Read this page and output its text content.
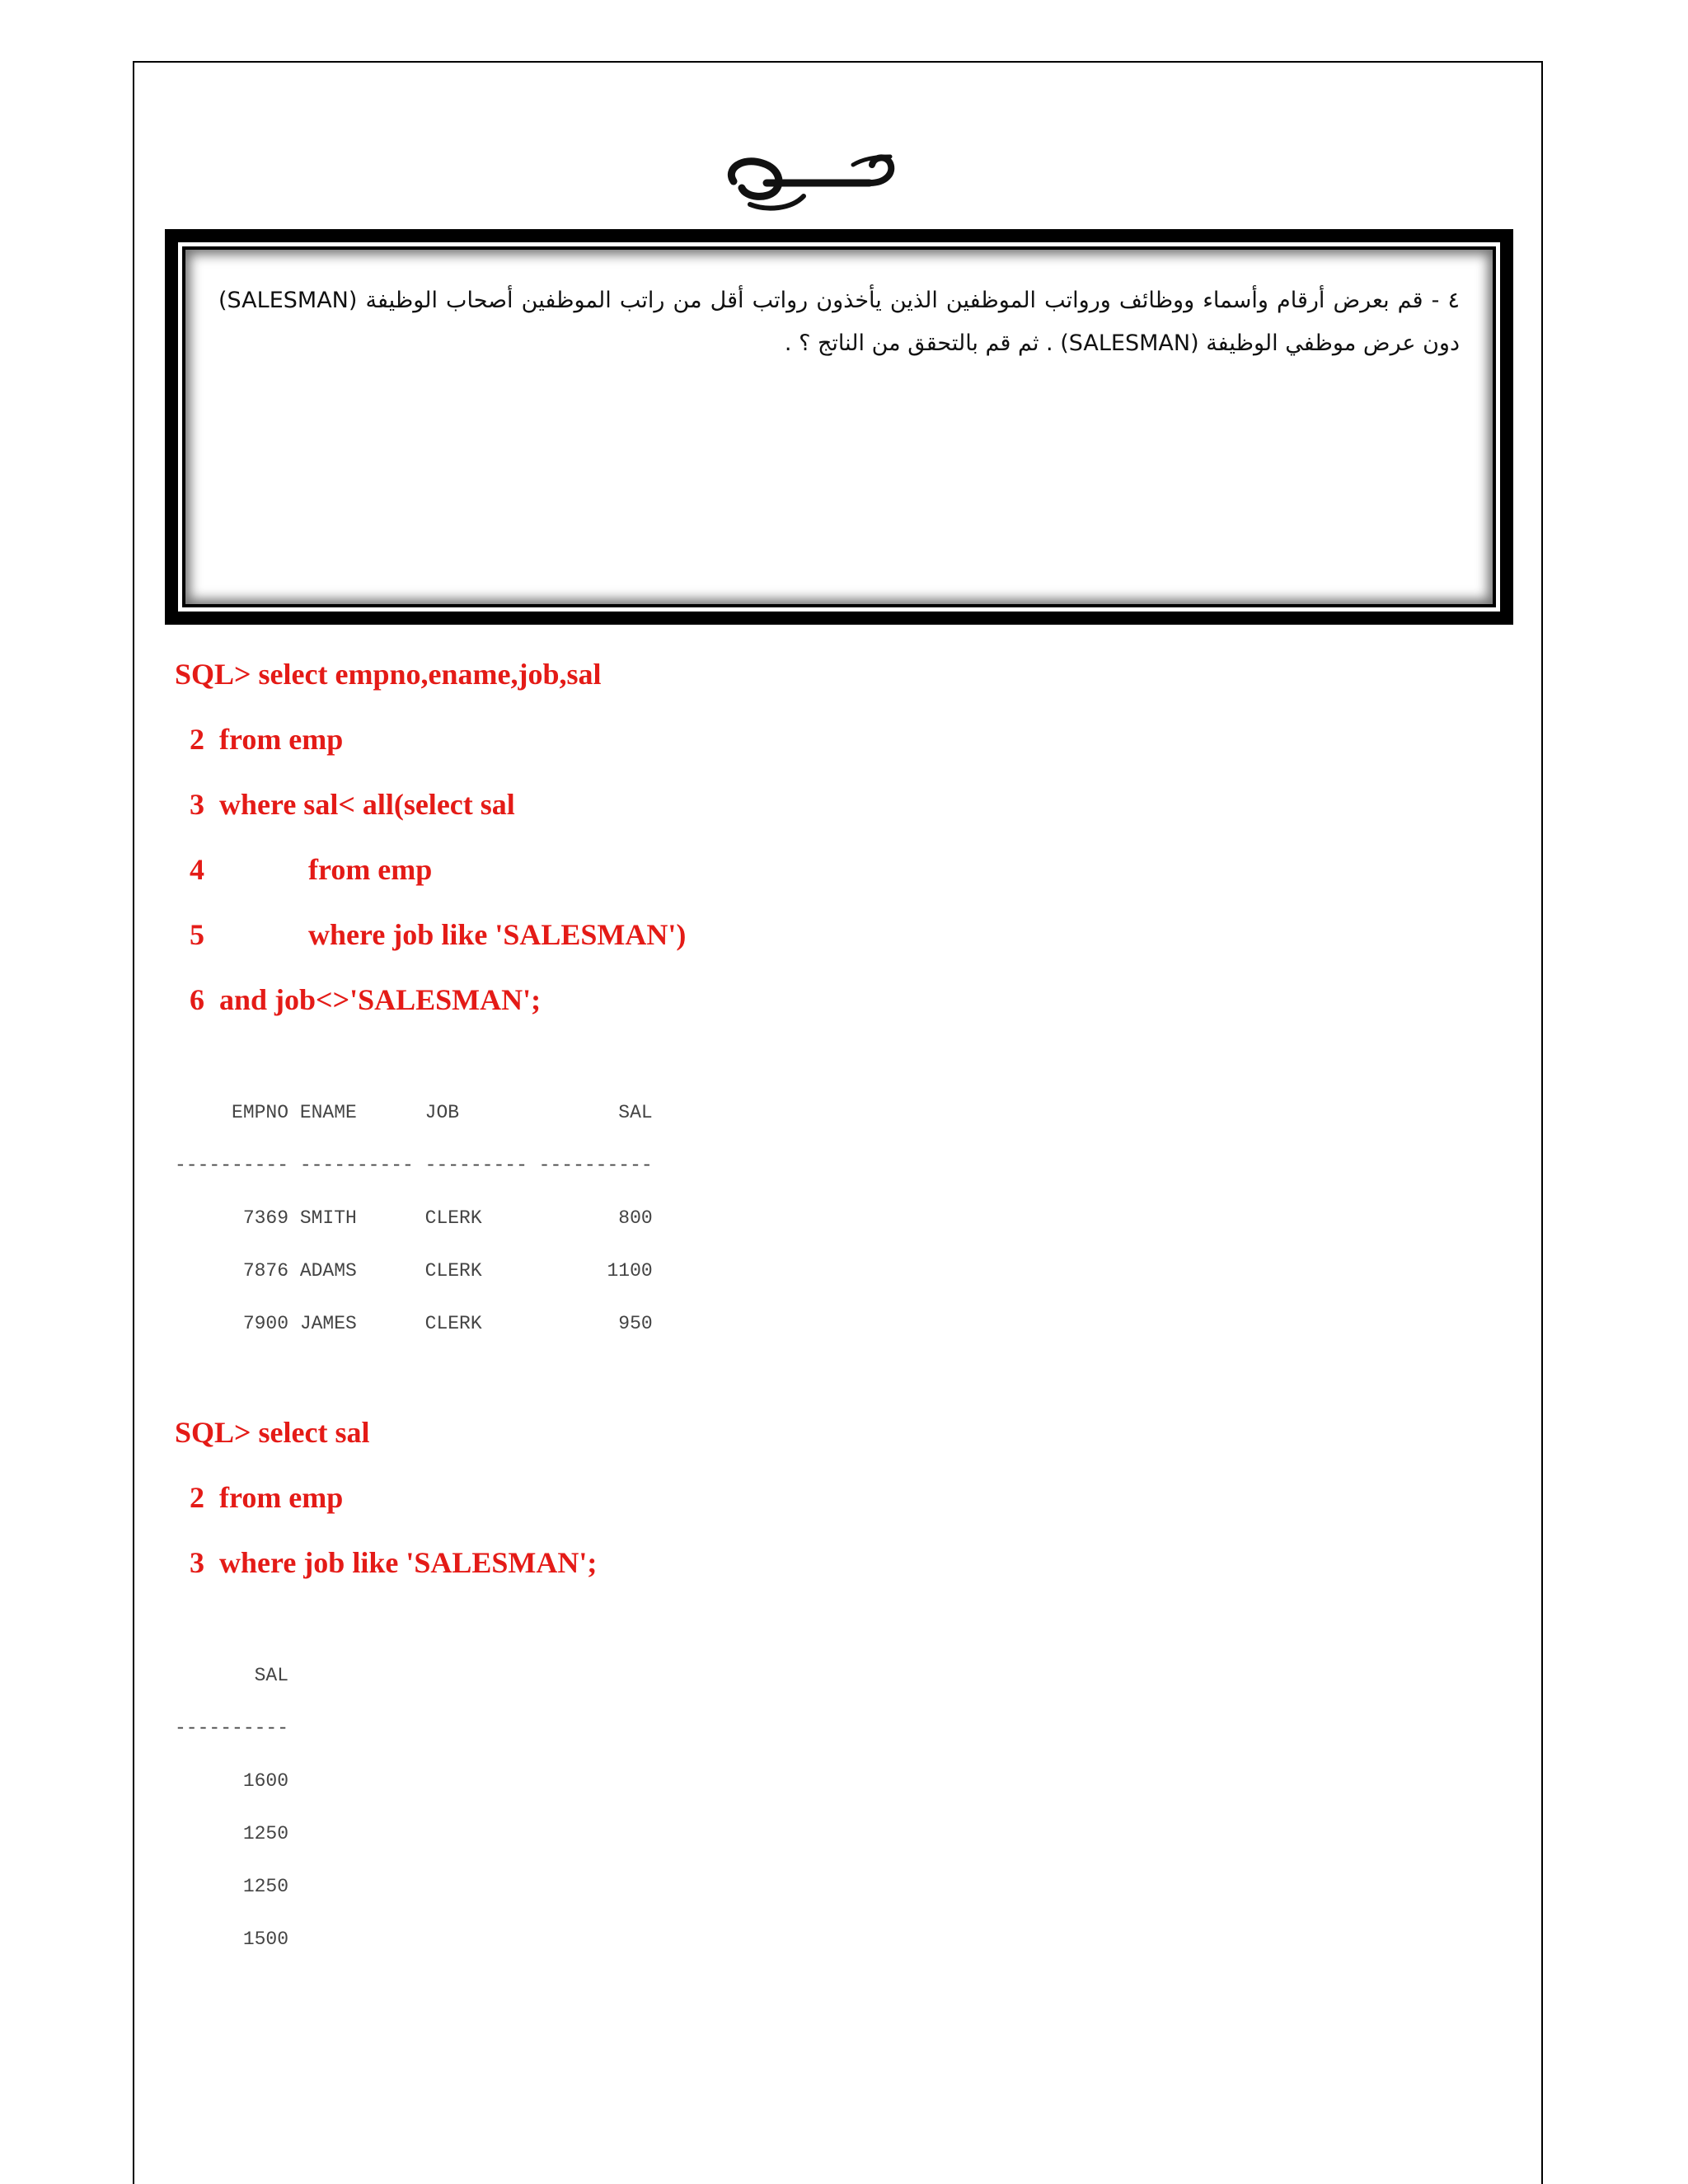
٤ - قم بعرض أرقام وأسماء ووظائف ورواتب الموظفين الذين يأخذون رواتب أقل من راتب الموظفين أصحاب الوظيفة (SALESMAN) دون عرض موظفي الوظيفة (SALESMAN) . ثم قم بالتحقق من الناتج ؟ .

SQL> select empno,ename,job,sal
2  from emp
3  where sal< all(select sal
4              from emp
5              where job like 'SALESMAN')
6  and job<>'SALESMAN';
EMPNO ENAME      JOB              SAL
---------- ---------- --------- ----------
7369 SMITH      CLERK            800
7876 ADAMS      CLERK           1100
7900 JAMES      CLERK            950
SQL> select sal
2  from emp
3  where job like 'SALESMAN';
SAL
----------
1600
1250
1250
1500
